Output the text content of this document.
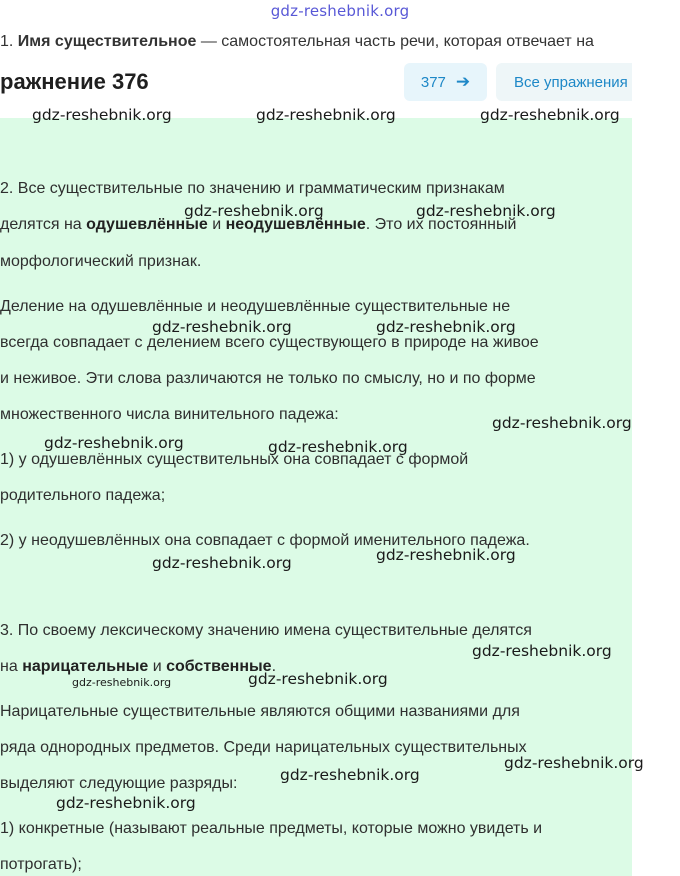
gdz-reshebnik.org
1. Имя существительное — самостоятельная часть речи, которая отвечает на
ражнение 376	377 ➔	Все упражнения
2. Все существительные по значению и грамматическим признакам
делятся на одушевлённые и неодушевлённые. Это их постоянный
морфологический признак.
Деление на одушевлённые и неодушевлённые существительные не
всегда совпадает с делением всего существующего в природе на живое
и неживое. Эти слова различаются не только по смыслу, но и по форме
множественного числа винительного падежа:
1) у одушевлённых существительных она совпадает с формой
родительного падежа;
2) у неодушевлённых она совпадает с формой именительного падежа.
3. По своему лексическому значению имена существительные делятся
на нарицательные и собственные.
Нарицательные существительные являются общими названиями для
ряда однородных предметов. Среди нарицательных существительных
выделяют следующие разряды:
1) конкретные (называют реальные предметы, которые можно увидеть и
потрогать);
gdz-reshebnik.org	gdz-reshebnik.org	gdz-reshebnik.org
gdz-reshebnik.org	gdz-reshebnik.org
gdz-reshebnik.org	gdz-reshebnik.org
gdz-reshebnik.org
gdz-reshebnik.org	gdz-reshebnik.org
gdz-reshebnik.org
gdz-reshebnik.org
gdz-reshebnik.org
gdz-reshebnik.org	gdz-reshebnik.org
gdz-reshebnik.org
gdz-reshebnik.org
gdz-reshebnik.org
